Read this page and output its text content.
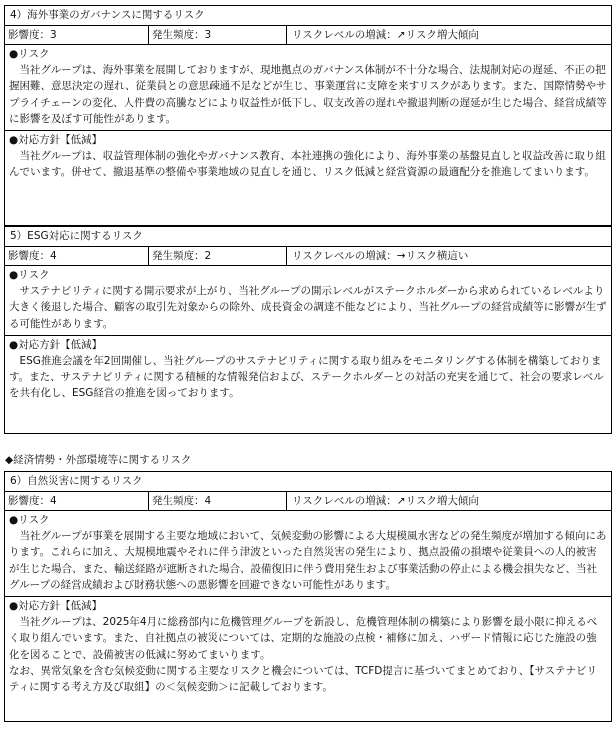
4）海外事業のガバナンスに関するリスク
影響度：3	発生頻度：3	リスクレベルの増減：↗リスク増大傾向
●リスク

当社グループは、海外事業を展開しておりますが、現地拠点のガバナンス体制が不十分な場合、法規制対応の遅延、不正の把握困難、意思決定の遅れ、従業員との意思疎通不足などが生じ、事業運営に支障を来すリスクがあります。また、国際情勢やサプライチェーンの変化、人件費の高騰などにより収益性が低下し、収支改善の遅れや撤退判断の遅延が生じた場合、経営成績等に影響を及ぼす可能性があります。

●対応方針【低減】

当社グループは、収益管理体制の強化やガバナンス教育、本社連携の強化により、海外事業の基盤見直しと収益改善に取り組んでいます。併せて、撤退基準の整備や事業地域の見直しを通じ、リスク低減と経営資源の最適配分を推進してまいります。

5）ESG対応に関するリスク
影響度：4	発生頻度：2	リスクレベルの増減：→リスク横這い
●リスク

サステナビリティに関する開示要求が上がり、当社グループの開示レベルがステークホルダーから求められているレベルより大きく後退した場合、顧客の取引先対象からの除外、成長資金の調達不能などにより、当社グループの経営成績等に影響が生ずる可能性があります。

●対応方針【低減】

ESG推進会議を年2回開催し、当社グループのサステナビリティに関する取り組みをモニタリングする体制を構築しております。また、サステナビリティに関する積極的な情報発信および、ステークホルダーとの対話の充実を通じて、社会の要求レベルを共有化し、ESG経営の推進を図っております。

◆経済情勢・外部環境等に関するリスク
6）自然災害に関するリスク
影響度：4	発生頻度：4	リスクレベルの増減：↗リスク増大傾向
●リスク

当社グループが事業を展開する主要な地域において、気候変動の影響による大規模風水害などの発生頻度が増加する傾向にあります。これらに加え、大規模地震やそれに伴う津波といった自然災害の発生により、拠点設備の損壊や従業員への人的被害が生じた場合、また、輸送経路が遮断された場合、設備復旧に伴う費用発生および事業活動の停止による機会損失など、当社グループの経営成績および財務状態への悪影響を回避できない可能性があります。

●対応方針【低減】

当社グループは、2025年4月に総務部内に危機管理グループを新設し、危機管理体制の構築により影響を最小限に抑えるべく取り組んでいます。また、自社拠点の被災については、定期的な施設の点検・補修に加え、ハザード情報に応じた施設の強化を図ることで、設備被害の低減に努めてまいります。

なお、異常気象を含む気候変動に関する主要なリスクと機会については、TCFD提言に基づいてまとめており、【サステナビリティに関する考え方及び取組】の＜気候変動＞に記載しております。
